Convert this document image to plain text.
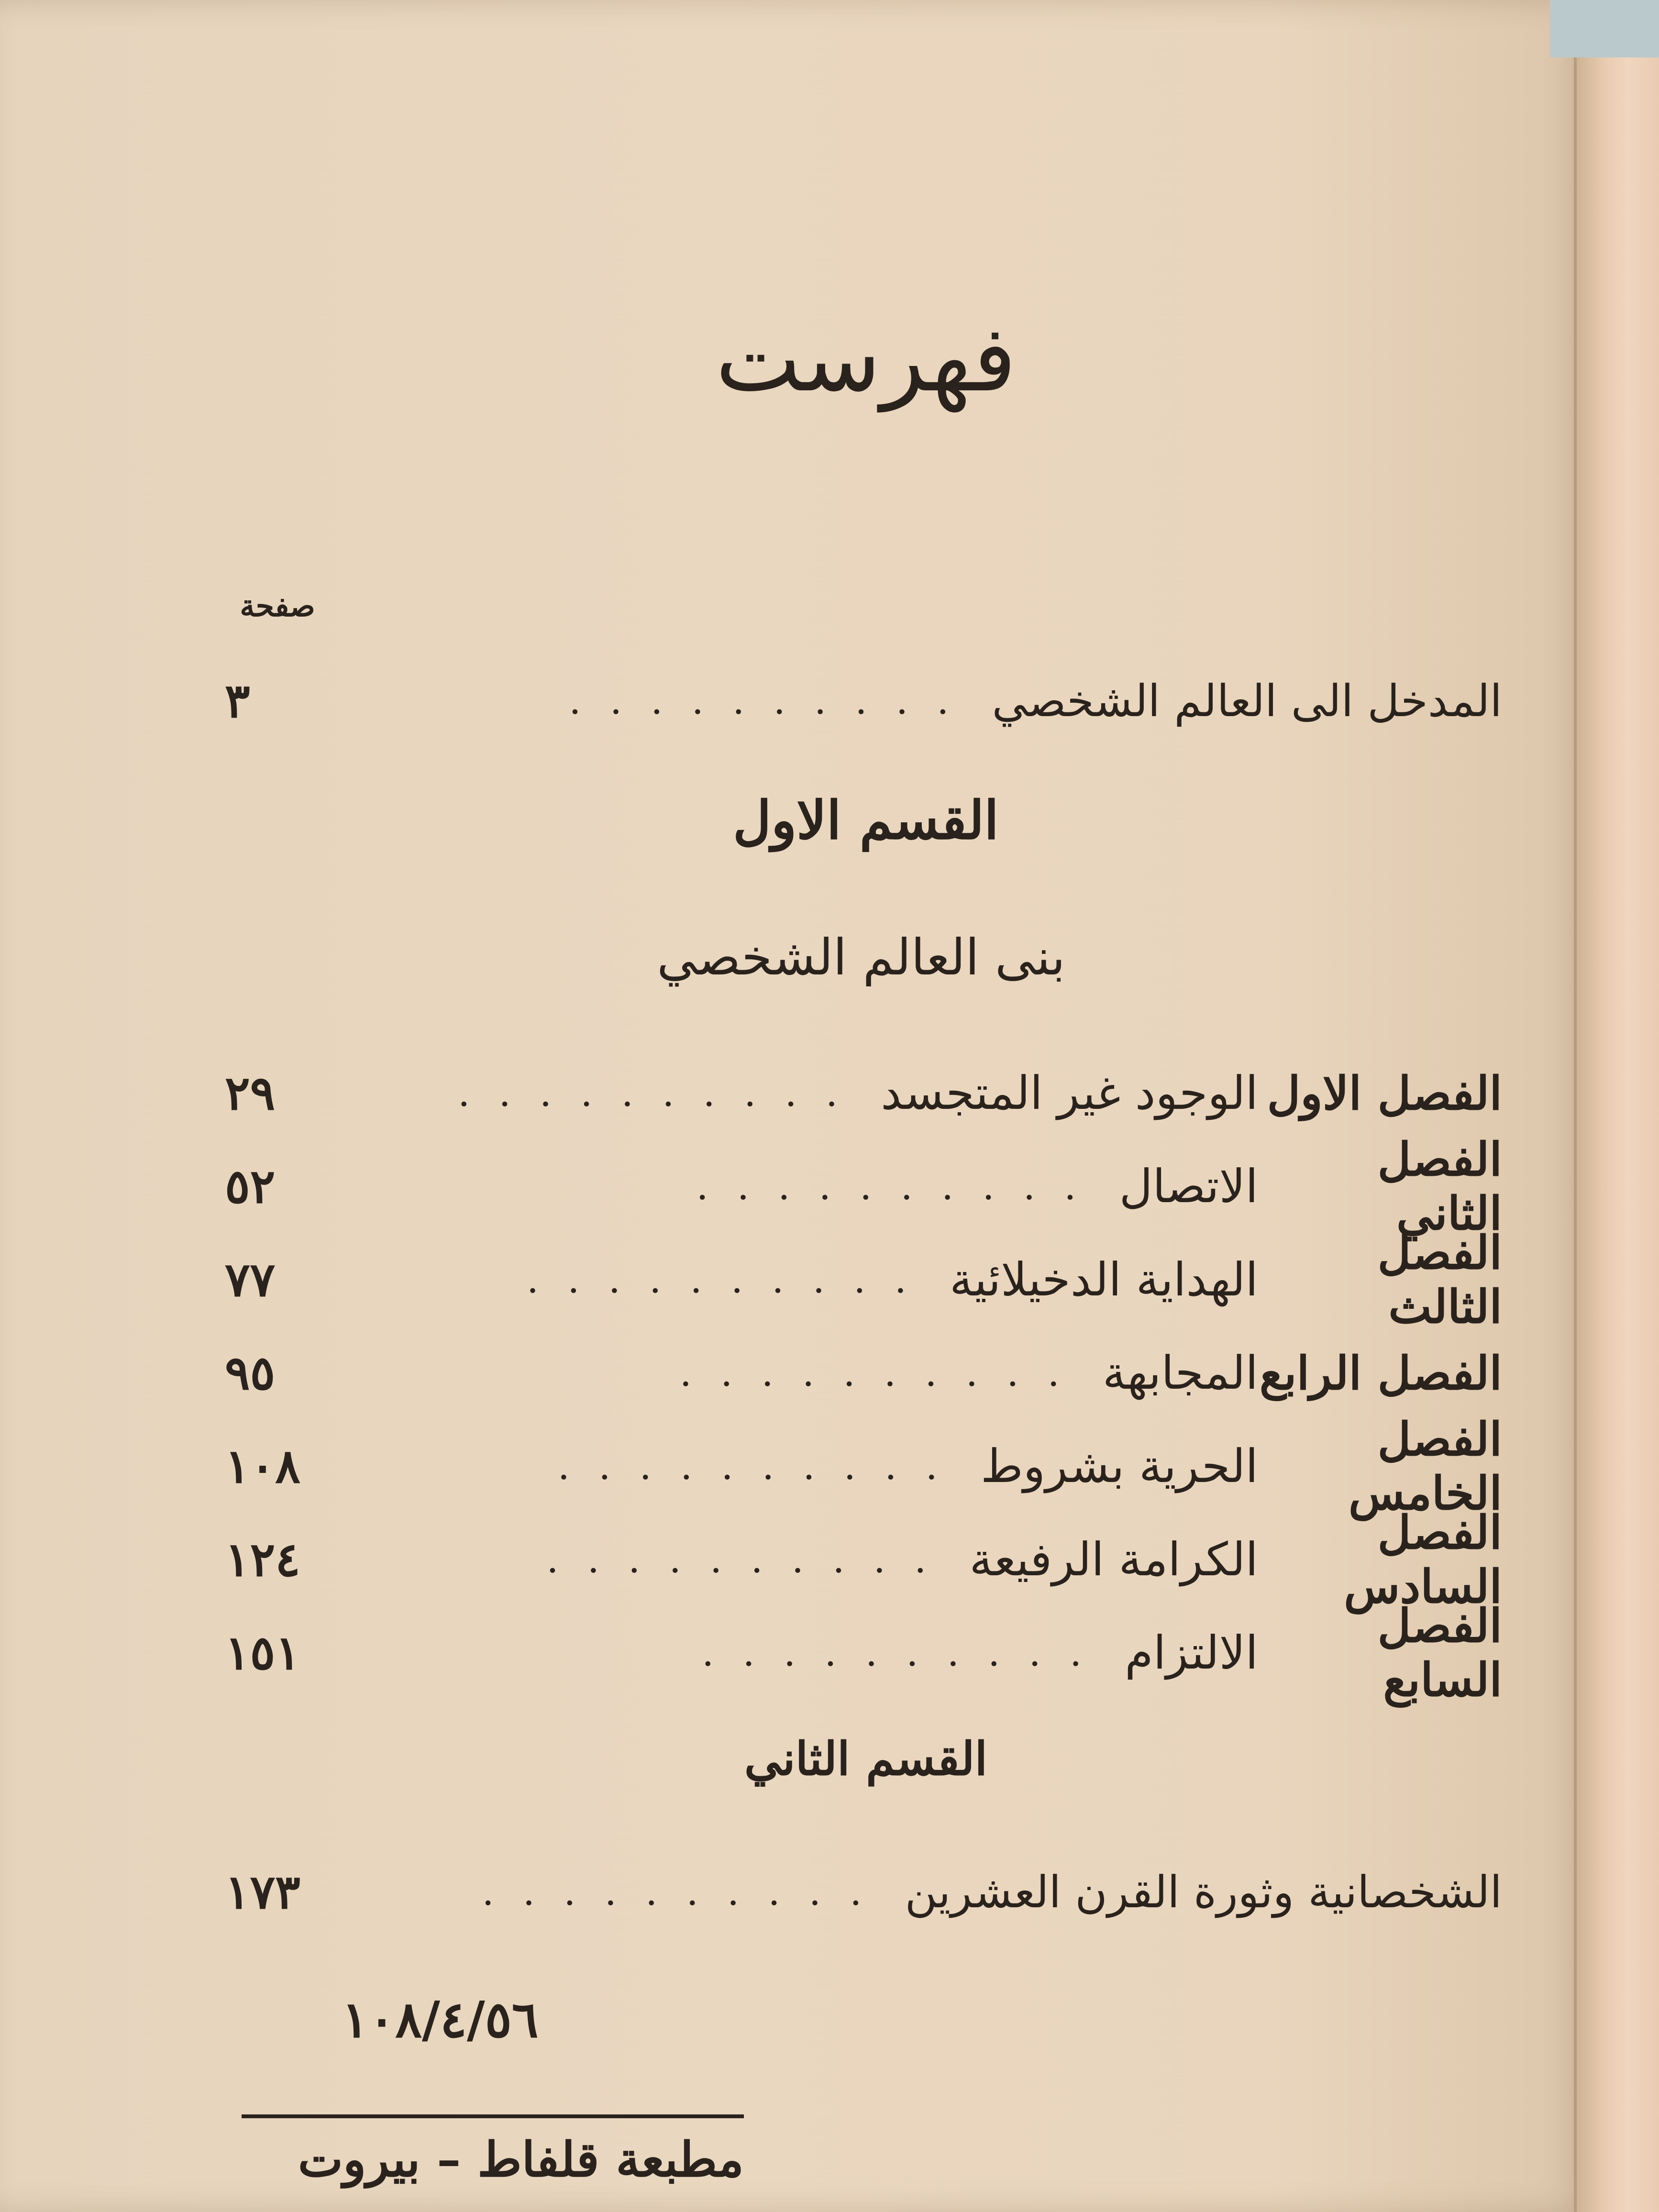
فهرست
صفحة
المدخل الى العالم الشخصي
..........
٣
القسم الاول
بنى العالم الشخصي
الفصل الاول
الوجود غير المتجسد
..........
٢٩
الفصل الثاني
الاتصال
..........
٥٢
الفصل الثالث
الهداية الدخيلائية
..........
٧٧
الفصل الرابع
المجابهة
..........
٩٥
الفصل الخامس
الحرية بشروط
..........
١٠٨
الفصل السادس
الكرامة الرفيعة
..........
١٢٤
الفصل السابع
الالتزام
..........
١٥١
القسم الثاني
الشخصانية وثورة القرن العشرين
..........
١٧٣
١٠٨/٤/٥٦
مطبعة قلفاط – بيروت
